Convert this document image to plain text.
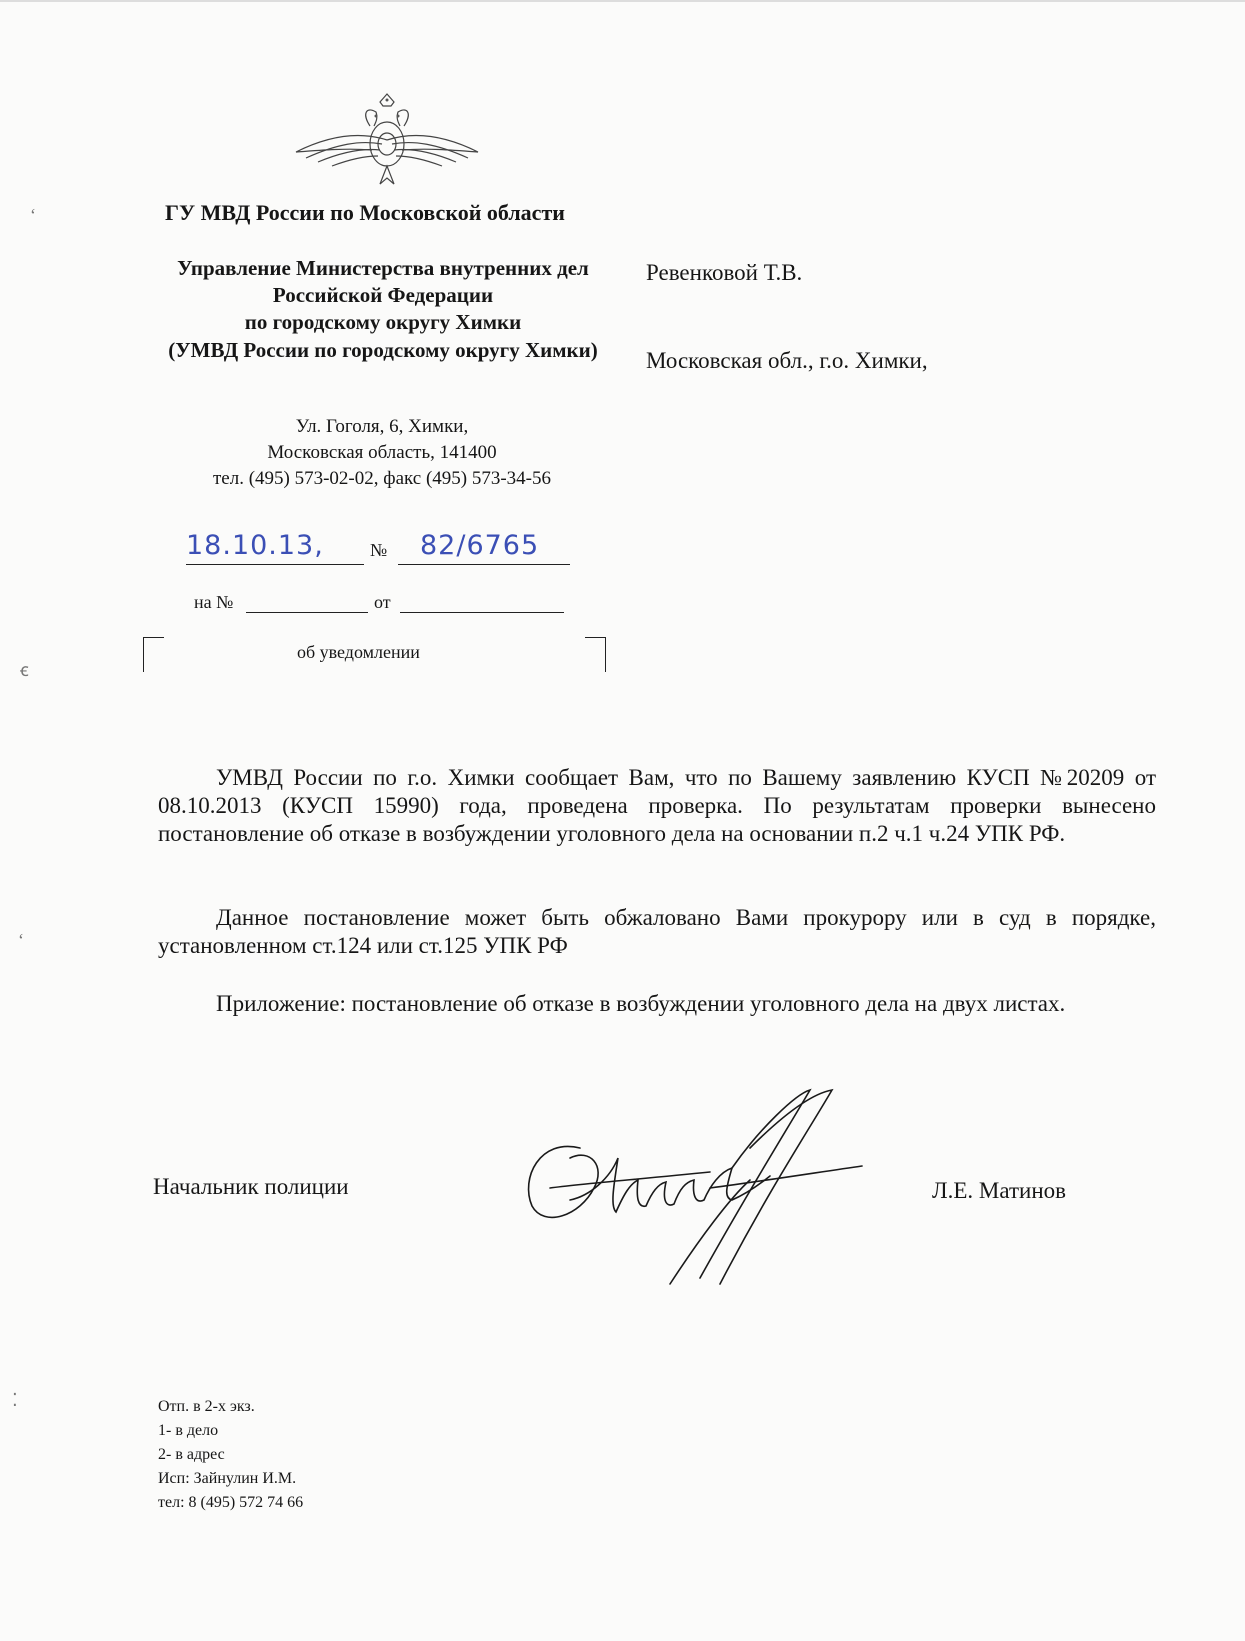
ʻ
ꞓ
ʻ
⁚
ГУ МВД России по Московской области
Управление Министерства внутренних дел
Российской Федерации
по городскому округу Химки
(УМВД России по городскому округу Химки)
Ревенковой Т.В.
Московская обл., г.о. Химки,
Ул. Гоголя, 6, Химки,
Московская область, 141400
тел. (495) 573-02-02, факс (495) 573-34-56
18.10.13,	№ 82/6765
на №	от
об уведомлении
УМВД России по г.о. Химки сообщает Вам, что по Вашему заявлению КУСП №20209 от 08.10.2013 (КУСП 15990) года, проведена проверка. По результатам проверки вынесено постановление об отказе в возбуждении уголовного дела на основании п.2 ч.1 ч.24 УПК РФ.
Данное постановление может быть обжаловано Вами прокурору или в суд в порядке, установленном ст.124 или ст.125 УПК РФ
Приложение: постановление об отказе в возбуждении уголовного дела на двух листах.
Начальник полиции	Л.Е. Матинов
Отп. в 2-х экз.
1- в дело
2- в адрес
Исп: Зайнулин И.М.
тел: 8 (495) 572 74 66
